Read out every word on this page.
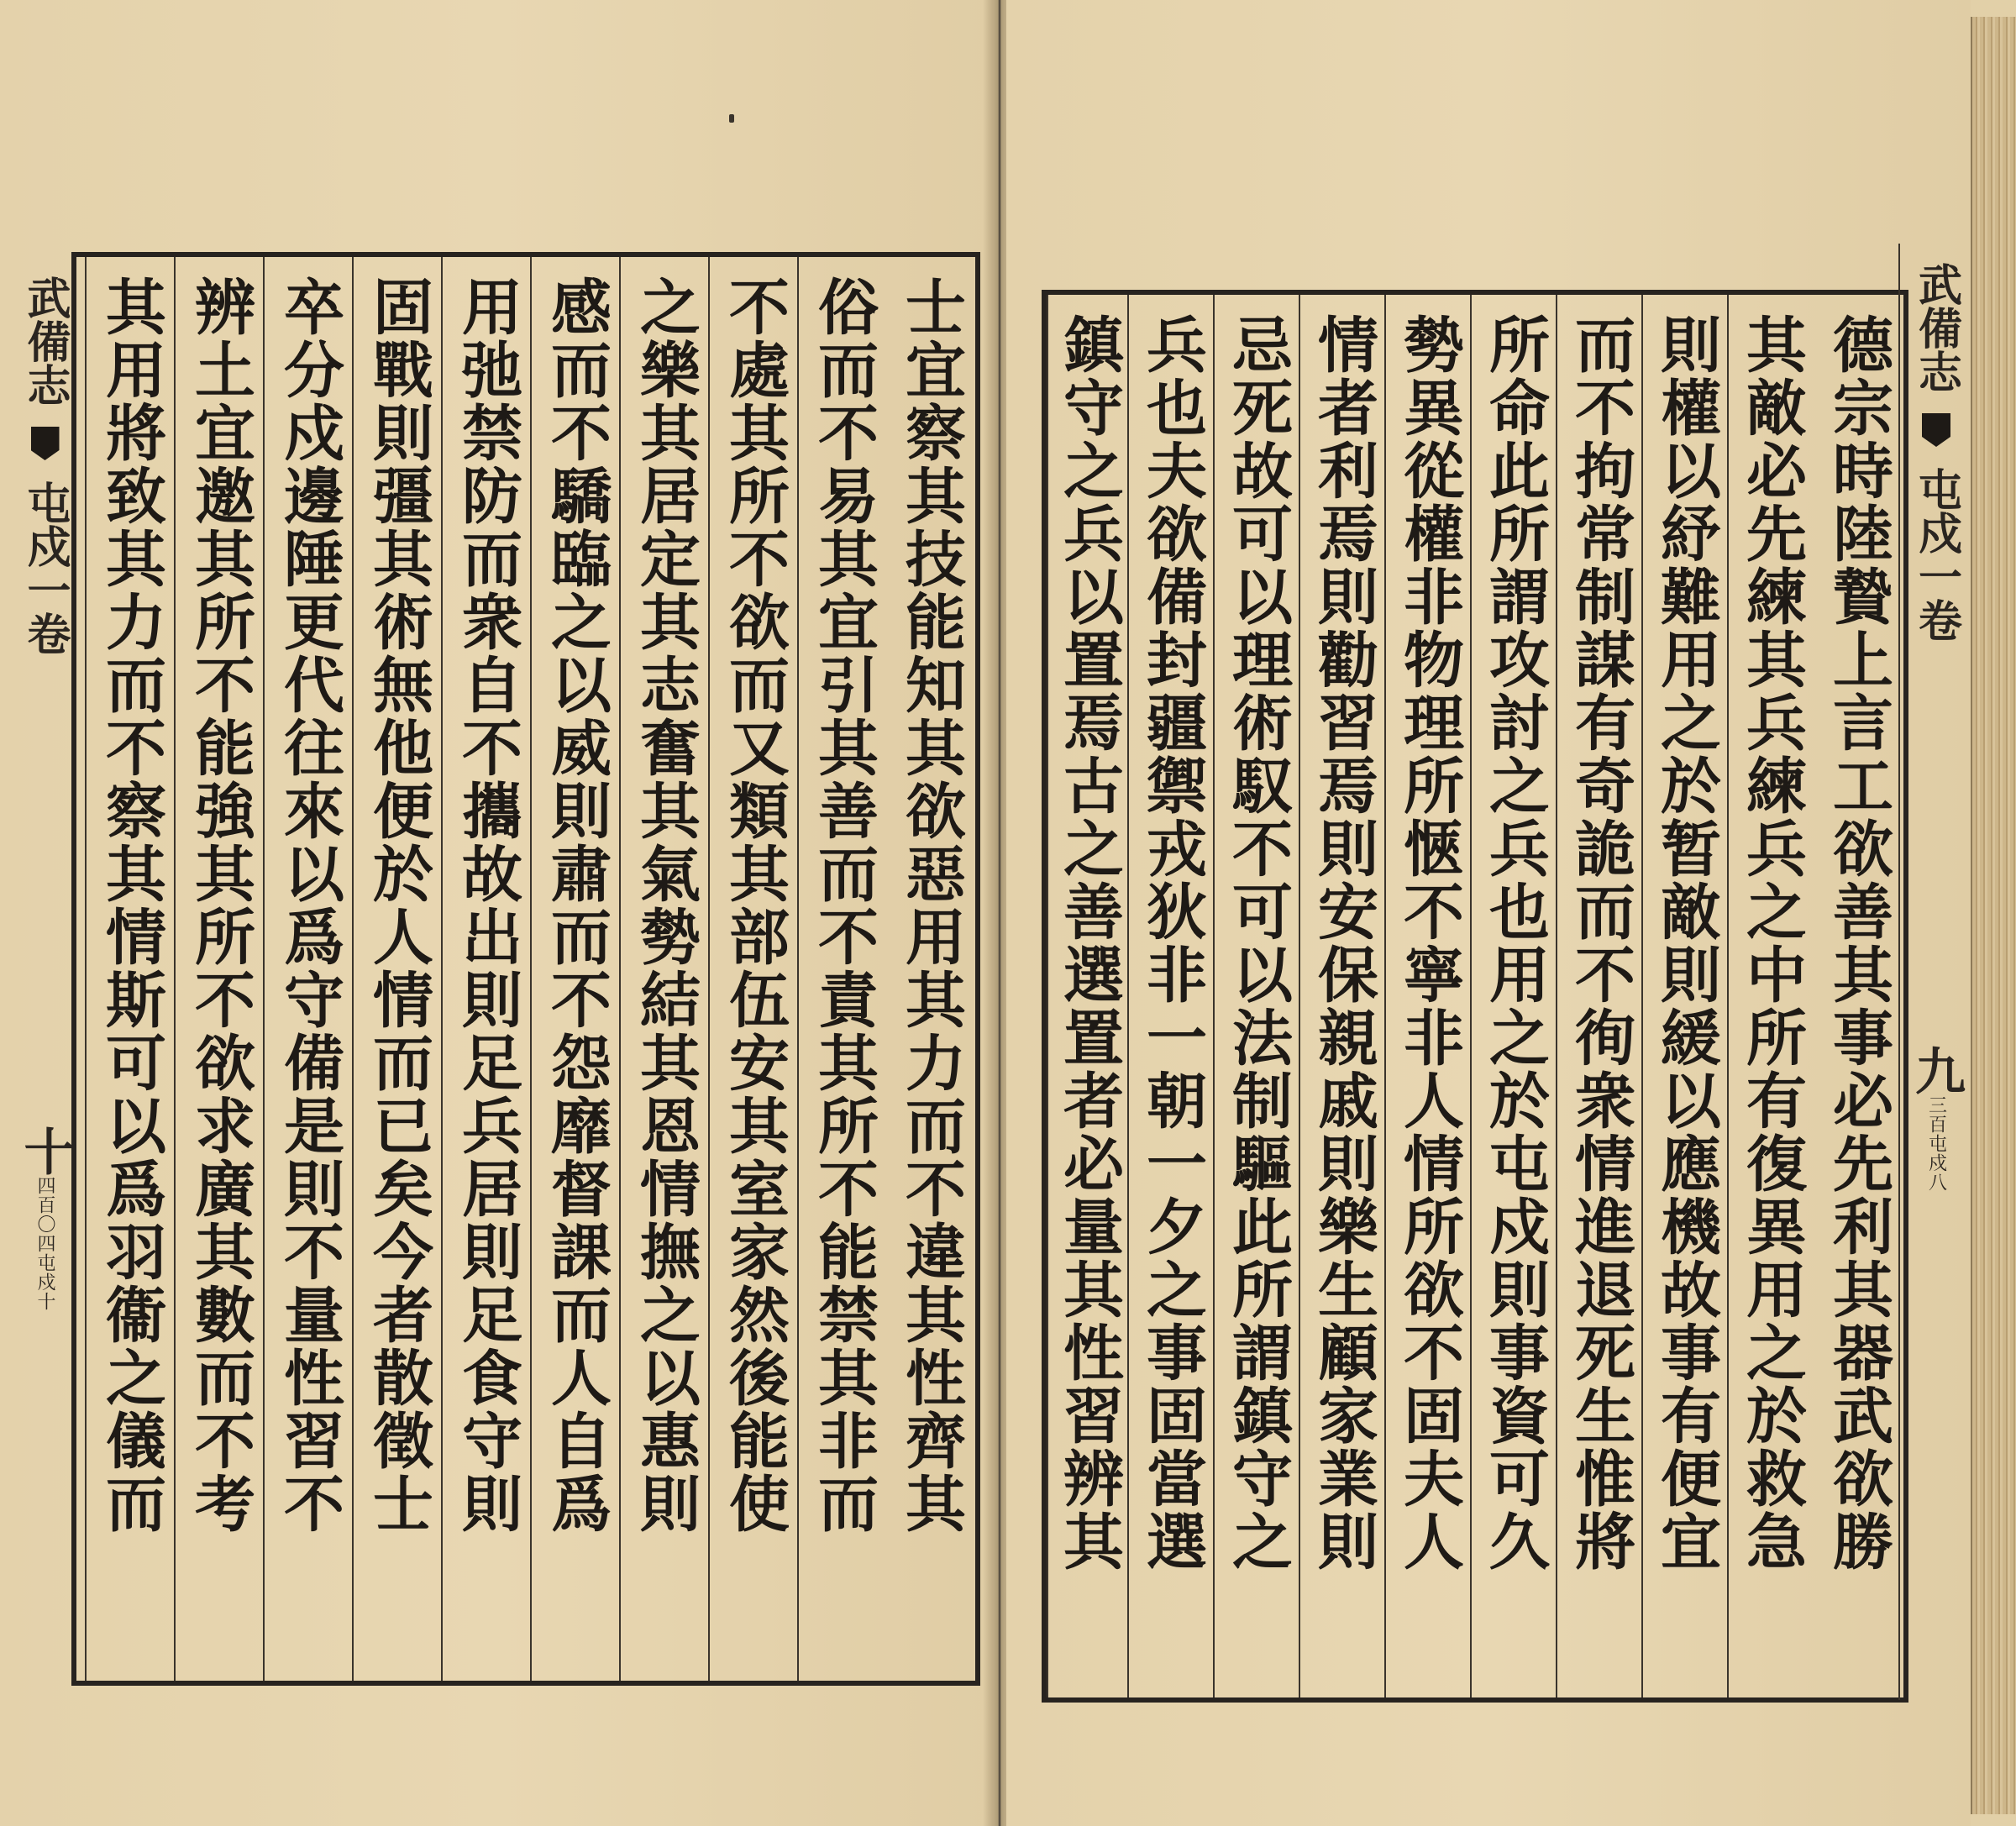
士宜察其技能知其欲惡用其力而不違其性齊其
俗而不易其宜引其善而不責其所不能禁其非而
不處其所不欲而又類其部伍安其室家然後能使
之樂其居定其志奮其氣勢結其恩情撫之以惠則
感而不驕臨之以威則肅而不怨靡督課而人自爲
用弛禁防而衆自不攜故出則足兵居則足食守則
固戰則彊其術無他便於人情而已矣今者散徵士
卒分戍邊陲更代往來以爲守備是則不量性習不
辨土宜邀其所不能強其所不欲求廣其數而不考
其用將致其力而不察其情斯可以爲羽衞之儀而
武備志
屯戍一卷
十
四百〇四
屯戍十	德宗時陸贄上言工欲善其事必先利其器武欲勝
其敵必先練其兵練兵之中所有復異用之於救急
則權以紓難用之於暂敵則緩以應機故事有便宜
而不拘常制謀有奇詭而不徇衆情進退死生惟將
所命此所謂攻討之兵也用之於屯戍則事資可久
勢異從權非物理所愜不寧非人情所欲不固夫人
情者利焉則勸習焉則安保親戚則樂生顧家業則
忌死故可以理術馭不可以法制驅此所謂鎮守之
兵也夫欲備封疆禦戎狄非一朝一夕之事固當選
鎮守之兵以置焉古之善選置者必量其性習辨其	武備志
屯戍一卷
九
三百
屯戍八
